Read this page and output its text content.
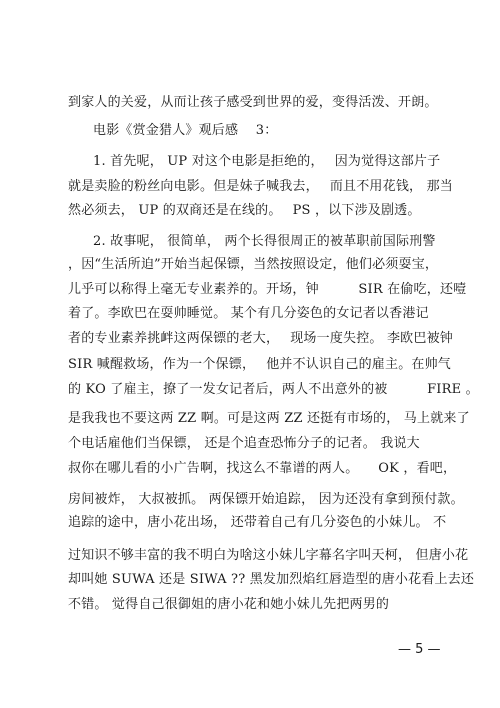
到家人的关爱，从而让孩子感受到世界的爱，变得活泼、开朗。
电影《赏金猎人》观后感　 3：
1. 首先呢， UP 对这个电影是拒绝的，　 因为觉得这部片子
就是卖脸的粉丝向电影。但是妹子喊我去，　 而且不用花钱， 那当
然必须去， UP 的双商还是在线的。　 PS ，以下涉及剧透。
2. 故事呢， 很简单， 两个长得很周正的被革职前国际刑警
，因“生活所迫”开始当起保镖，当然按照设定，他们必须耍宝，
儿乎可以称得上毫无专业素养的。开场，钟　　　SIR 在偷吃，还噎
着了。李欧巴在耍帅睡觉。 某个有几分姿色的女记者以香港记
者的专业素养挑衅这两保镖的老大，　 现场一度失控。 李欧巴被钟
SIR 喊醒救场，作为一个保镖，　 他并不认识自己的雇主。在帅气
的 KO 了雇主，撩了一发女记者后，两人不出意外的被　　　FIRE 。
是我我也不要这两 ZZ 啊。可是这两 ZZ 还挺有市场的， 马上就来了
个电话雇他们当保镖， 还是个追查恐怖分子的记者。 我说大
叔你在哪儿看的小广告啊，找这么不靠谱的两人。　　OK ，看吧，
房间被炸， 大叔被抓。 两保镖开始追踪， 因为还没有拿到预付款。
追踪的途中，唐小花出场， 还带着自己有几分姿色的小妹儿。 不
过知识不够丰富的我不明白为啥这小妹儿字幕名字叫天柯， 但唐小花
却叫她 SUWA 还是 SIWA ?? 黑发加烈焰红唇造型的唐小花看上去还
不错。 觉得自己很御姐的唐小花和她小妹儿先把两男的
— 5 —
